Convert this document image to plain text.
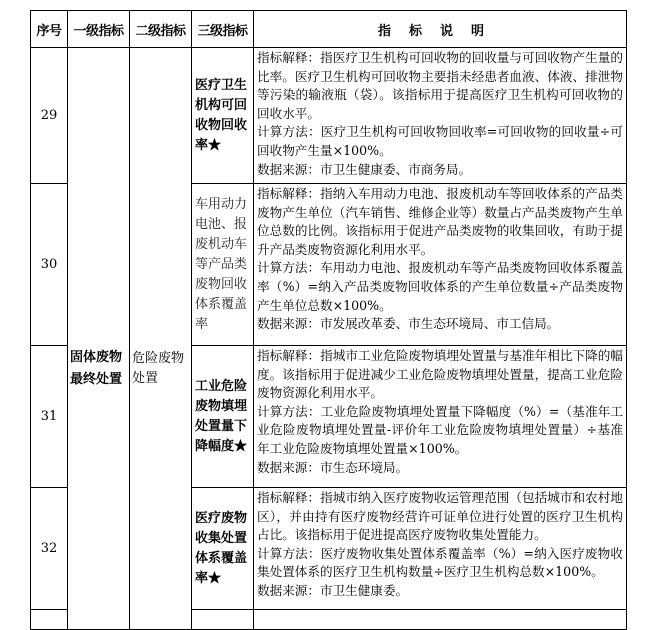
序号	一级指标	二级指标	三级指标	指标说明
29	固体废物最终处置	危险废物处置	医疗卫生机构可回收物回收率★	指标解释：指医疗卫生机构可回收物的回收量与可回收物产生量的比率。医疗卫生机构可回收物主要指未经患者血液、体液、排泄物等污染的输液瓶（袋）。该指标用于提高医疗卫生机构可回收物的回收水平。

计算方法：医疗卫生机构可回收物回收率=可回收物的回收量÷可回收物产生量×100%。

数据来源：市卫生健康委、市商务局。

30			车用动力电池、报废机动车等产品类废物回收体系覆盖率	指标解释：指纳入车用动力电池、报废机动车等回收体系的产品类废物产生单位（汽车销售、维修企业等）数量占产品类废物产生单位总数的比例。该指标用于促进产品类废物的收集回收，有助于提升产品类废物资源化利用水平。

计算方法：车用动力电池、报废机动车等产品类废物回收体系覆盖率（%）=纳入产品类废物回收体系的产生单位数量÷产品类废物产生单位总数×100%。

数据来源：市发展改革委、市生态环境局、市工信局。

31			工业危险废物填埋处置量下降幅度★	指标解释：指城市工业危险废物填埋处置量与基准年相比下降的幅度。该指标用于促进减少工业危险废物填埋处置量，提高工业危险废物资源化利用水平。

计算方法：工业危险废物填埋处置量下降幅度（%）=（基准年工业危险废物填埋处置量-评价年工业危险废物填埋处置量）÷基准年工业危险废物填埋处置量×100%。

数据来源：市生态环境局。

32			医疗废物收集处置体系覆盖率★	指标解释：指城市纳入医疗废物收运管理范围（包括城市和农村地区），并由持有医疗废物经营许可证单位进行处置的医疗卫生机构占比。该指标用于促进提高医疗废物收集处置能力。

计算方法：医疗废物收集处置体系覆盖率（%）=纳入医疗废物收集处置体系的医疗卫生机构数量÷医疗卫生机构总数×100%。

数据来源：市卫生健康委。
